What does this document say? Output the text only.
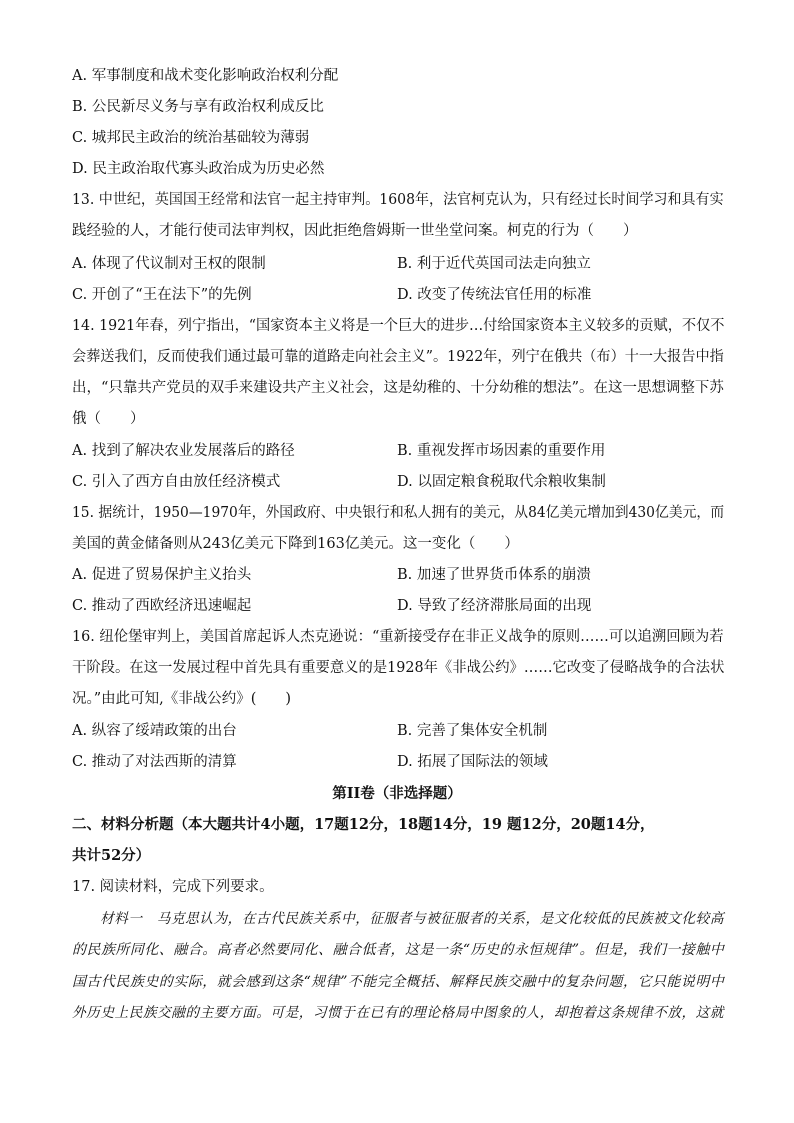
A. 军事制度和战术变化影响政治权利分配
B. 公民新尽义务与享有政治权利成反比
C. 城邦民主政治的统治基础较为薄弱
D. 民主政治取代寡头政治成为历史必然
13. 中世纪，英国国王经常和法官一起主持审判。1608年，法官柯克认为，只有经过长时间学习和具有实
践经验的人，才能行使司法审判权，因此拒绝詹姆斯一世坐堂问案。柯克的行为（　　）
A. 体现了代议制对王权的限制	B. 利于近代英国司法走向独立
C. 开创了“王在法下”的先例	D. 改变了传统法官任用的标准
14. 1921年春，列宁指出，“国家资本主义将是一个巨大的进步…付给国家资本主义较多的贡赋，不仅不
会葬送我们，反而使我们通过最可靠的道路走向社会主义”。1922年，列宁在俄共（布）十一大报告中指
出，“只靠共产党员的双手来建设共产主义社会，这是幼稚的、十分幼稚的想法”。在这一思想调整下苏
俄（　　）
A. 找到了解决农业发展落后的路径	B. 重视发挥市场因素的重要作用
C. 引入了西方自由放任经济模式	D. 以固定粮食税取代余粮收集制
15. 据统计，1950—1970年，外国政府、中央银行和私人拥有的美元，从84亿美元增加到430亿美元，而
美国的黄金储备则从243亿美元下降到163亿美元。这一变化（　　）
A. 促进了贸易保护主义抬头	B. 加速了世界货币体系的崩溃
C. 推动了西欧经济迅速崛起	D. 导致了经济滞胀局面的出现
16. 纽伦堡审判上，美国首席起诉人杰克逊说：“重新接受存在非正义战争的原则……可以追溯回顾为若
干阶段。在这一发展过程中首先具有重要意义的是1928年《非战公约》……它改变了侵略战争的合法状
况。”由此可知,《非战公约》(　　)
A. 纵容了绥靖政策的出台	B. 完善了集体安全机制
C. 推动了对法西斯的清算	D. 拓展了国际法的领域
第II卷（非选择题）
二、材料分析题（本大题共计4小题，17题12分，18题14分，19 题12分，20题14分，
共计52分）
17. 阅读材料，完成下列要求。
材料一　马克思认为，在古代民族关系中，征服者与被征服者的关系，是文化较低的民族被文化较高
的民族所同化、融合。高者必然要同化、融合低者，这是一条“历史的永恒规律”。但是，我们一接触中
国古代民族史的实际，就会感到这条“规律”不能完全概括、解释民族交融中的复杂问题，它只能说明中
外历史上民族交融的主要方面。可是，习惯于在已有的理论格局中图象的人，却抱着这条规律不放，这就
